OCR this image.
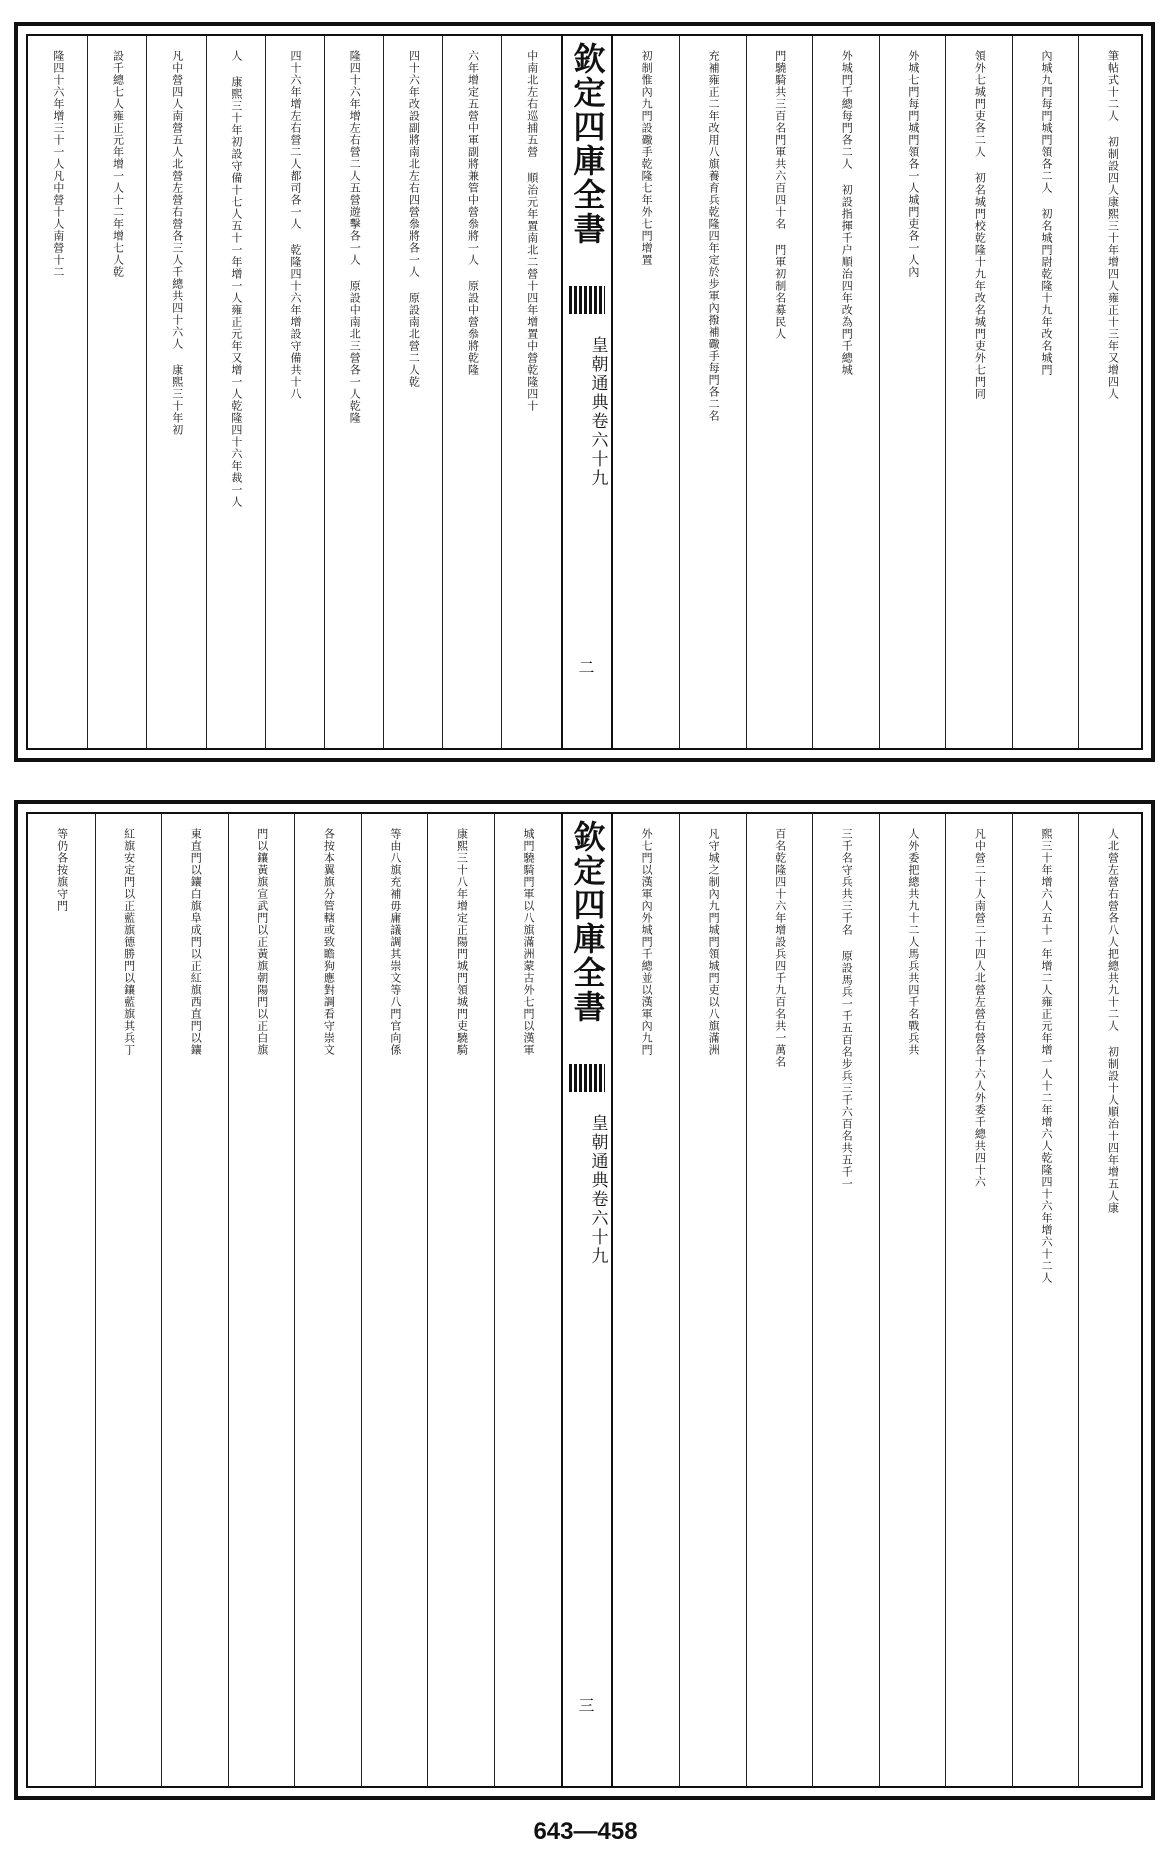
欽定四庫全書
皇朝通典卷六十九
二
筆帖式十二人 初制設四人康熙三十年增四人雍正十三年又增四人
內城九門每門城門領各二人 初名城門尉乾隆十九年改名城門
領外七城門吏各二人 初名城門校乾隆十九年改名城門吏外七門同
外城七門每門城門領各一人城門吏各一人內
外城門千總每門各二人 初設指揮千户順治四年改為門千總城
門驍騎共三百名門軍共六百四十名 門軍初制名募民人
充補雍正二年改用八旗養育兵乾隆四年定於步軍內撥補礮手每門各二名
初制惟內九門設礮手乾隆七年外七門增置
中南北左右巡捕五營 順治元年置南北二營十四年增置中營乾隆四十
六年增定五營中軍副將兼管中營叅將一人 原設中營叅將乾隆
四十六年改設副將南北左右四營叅將各一人 原設南北營二人乾
隆四十六年增左右營二人五營遊擊各一人 原設中南北三營各一人乾隆
四十六年增左右營二人都司各一人 乾隆四十六年增設守備共十八
人 康熙三十年初設守備十七人五十一年增一人雍正元年又增一人乾隆四十六年裁一人
凡中營四人南營五人北營左營右營各三人千總共四十六人 康熙三十年初
設千總七人雍正元年增一人十二年增七人乾
隆四十六年增三十一人凡中營十人南營十二
欽定四庫全書
皇朝通典卷六十九
三
人北營左營右營各八人把總共九十二人 初制設十人順治十四年增五人康
熙三十年增六人五十一年增二人雍正元年增一人十二年增六人乾隆四十六年增六十二人
凡中營二十人南營二十四人北營左營右營各十六人外委千總共四十六
人外委把總共九十二人馬兵共四千名戰兵共
三千名守兵共三千名 原設馬兵一千五百名步兵三千六百名共五千一
百名乾隆四十六年增設兵四千九百名共一萬名
凡守城之制內九門城門領城門吏以八旗滿洲
外七門以漢軍內外城門千總並以漢軍內九門
城門驍騎門軍以八旗滿洲蒙古外七門以漢軍
康熙三十八年增定正陽門城門領城門吏驍騎
等由八旗充補毋庸議調其崇文等八門官向係
各按本翼旗分管轄或致瞻狗應對調看守崇文
門以鑲黃旗宣武門以正黃旗朝陽門以正白旗
東直門以鑲白旗阜成門以正紅旗西直門以鑲
紅旗安定門以正藍旗德勝門以鑲藍旗其兵丁
等仍各按旗守門
643—458
